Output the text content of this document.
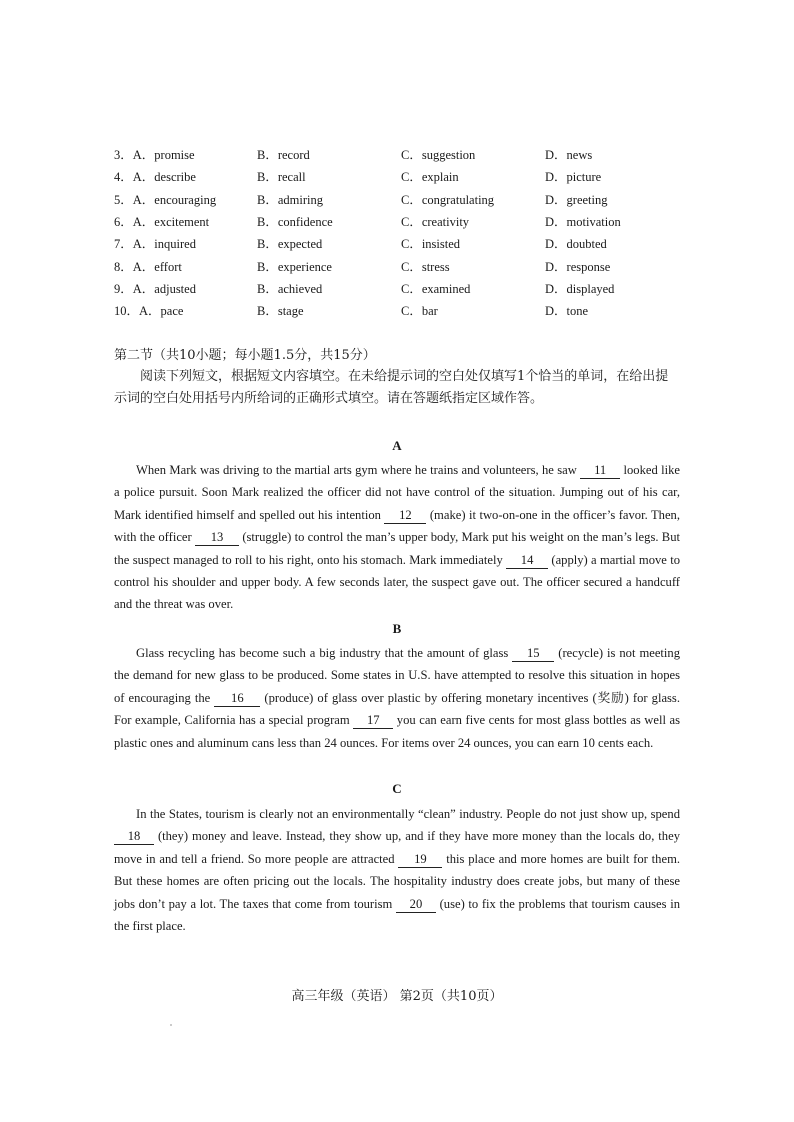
3．A．promise	B．record	C．suggestion	D．news
4．A．describe	B．recall	C．explain	D．picture
5．A．encouraging	B．admiring	C．congratulating	D．greeting
6．A．excitement	B．confidence	C．creativity	D．motivation
7．A．inquired	B．expected	C．insisted	D．doubted
8．A．effort	B．experience	C．stress	D．response
9．A．adjusted	B．achieved	C．examined	D．displayed
10．A．pace	B．stage	C．bar	D．tone
第二节（共10小题；每小题1.5分，共15分）
阅读下列短文，根据短文内容填空。在未给提示词的空白处仅填写1个恰当的单词，在给出提示词的空白处用括号内所给词的正确形式填空。请在答题纸指定区域作答。
A
When Mark was driving to the martial arts gym where he trains and volunteers, he saw 11 looked like a police pursuit. Soon Mark realized the officer did not have control of the situation. Jumping out of his car, Mark identified himself and spelled out his intention 12 (make) it two-on-one in the officer’s favor. Then, with the officer 13 (struggle) to control the man’s upper body, Mark put his weight on the man’s legs. But the suspect managed to roll to his right, onto his stomach. Mark immediately 14 (apply) a martial move to control his shoulder and upper body. A few seconds later, the suspect gave out. The officer secured a handcuff and the threat was over.
B
Glass recycling has become such a big industry that the amount of glass 15 (recycle) is not meeting the demand for new glass to be produced. Some states in U.S. have attempted to resolve this situation in hopes of encouraging the 16 (produce) of glass over plastic by offering monetary incentives (奖励) for glass. For example, California has a special program 17 you can earn five cents for most glass bottles as well as plastic ones and aluminum cans less than 24 ounces. For items over 24 ounces, you can earn 10 cents each.
C
In the States, tourism is clearly not an environmentally “clean” industry. People do not just show up, spend 18 (they) money and leave. Instead, they show up, and if they have more money than the locals do, they move in and tell a friend. So more people are attracted 19 this place and more homes are built for them. But these homes are often pricing out the locals. The hospitality industry does create jobs, but many of these jobs don’t pay a lot. The taxes that come from tourism 20 (use) to fix the problems that tourism causes in the first place.
高三年级（英语） 第2页（共10页）
